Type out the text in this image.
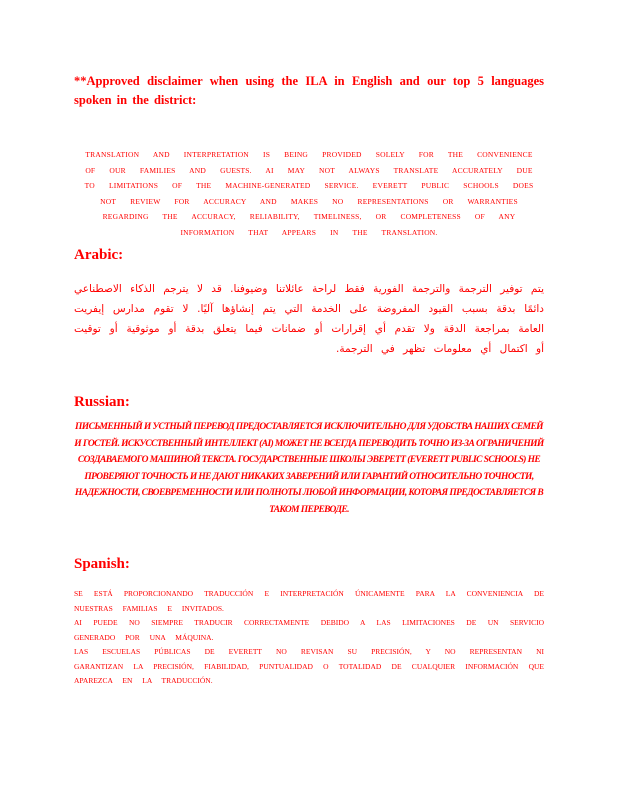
**Approved disclaimer when using the ILA in English and our top 5 languages spoken in the district:
TRANSLATION AND INTERPRETATION IS BEING PROVIDED SOLELY FOR THE CONVENIENCE OF OUR FAMILIES AND GUESTS. AI MAY NOT ALWAYS TRANSLATE ACCURATELY DUE TO LIMITATIONS OF THE MACHINE-GENERATED SERVICE. EVERETT PUBLIC SCHOOLS DOES NOT REVIEW FOR ACCURACY AND MAKES NO REPRESENTATIONS OR WARRANTIES REGARDING THE ACCURACY, RELIABILITY, TIMELINESS, OR COMPLETENESS OF ANY INFORMATION THAT APPEARS IN THE TRANSLATION.
Arabic:
يتم توفير الترجمة والترجمة الفورية فقط لراحة عائلاتنا وضيوفنا. قد لا يترجم الذكاء الاصطناعي دائمًا بدقة بسبب القيود المفروضة على الخدمة التي يتم إنشاؤها آليًا. لا تقوم مدارس إيفريت العامة بمراجعة الدقة ولا تقدم أي إقرارات أو ضمانات فيما يتعلق بدقة أو موثوقية أو توقيت أو اكتمال أي معلومات تظهر في الترجمة.
Russian:
ПИСЬМЕННЫЙ И УСТНЫЙ ПЕРЕВОД ПРЕДОСТАВЛЯЕТСЯ ИСКЛЮЧИТЕЛЬНО ДЛЯ УДОБСТВА НАШИХ СЕМЕЙ И ГОСТЕЙ. ИСКУССТВЕННЫЙ ИНТЕЛЛЕКТ (AI) МОЖЕТ НЕ ВСЕГДА ПЕРЕВОДИТЬ ТОЧНО ИЗ-ЗА ОГРАНИЧЕНИЙ СОЗДАВАЕМОГО МАШИНОЙ ТЕКСТА. ГОСУДАРСТВЕННЫЕ ШКОЛЫ ЭВЕРЕТТ (EVERETT PUBLIC SCHOOLS) НЕ ПРОВЕРЯЮТ ТОЧНОСТЬ И НЕ ДАЮТ НИКАКИХ ЗАВЕРЕНИЙ ИЛИ ГАРАНТИЙ ОТНОСИТЕЛЬНО ТОЧНОСТИ, НАДЕЖНОСТИ, СВОЕВРЕМЕННОСТИ ИЛИ ПОЛНОТЫ ЛЮБОЙ ИНФОРМАЦИИ, КОТОРАЯ ПРЕДОСТАВЛЯЕТСЯ В ТАКОМ ПЕРЕВОДЕ.
Spanish:

SE ESTÁ PROPORCIONANDO TRADUCCIÓN E INTERPRETACIÓN ÚNICAMENTE PARA LA CONVENIENCIA DE NUESTRAS FAMILIAS E INVITADOS.

AI PUEDE NO SIEMPRE TRADUCIR CORRECTAMENTE DEBIDO A LAS LIMITACIONES DE UN SERVICIO GENERADO POR UNA MÁQUINA.

LAS ESCUELAS PÚBLICAS DE EVERETT NO REVISAN SU PRECISIÓN, Y NO REPRESENTAN NI GARANTIZAN LA PRECISIÓN, FIABILIDAD, PUNTUALIDAD O TOTALIDAD DE CUALQUIER INFORMACIÓN QUE APAREZCA EN LA TRADUCCIÓN.
